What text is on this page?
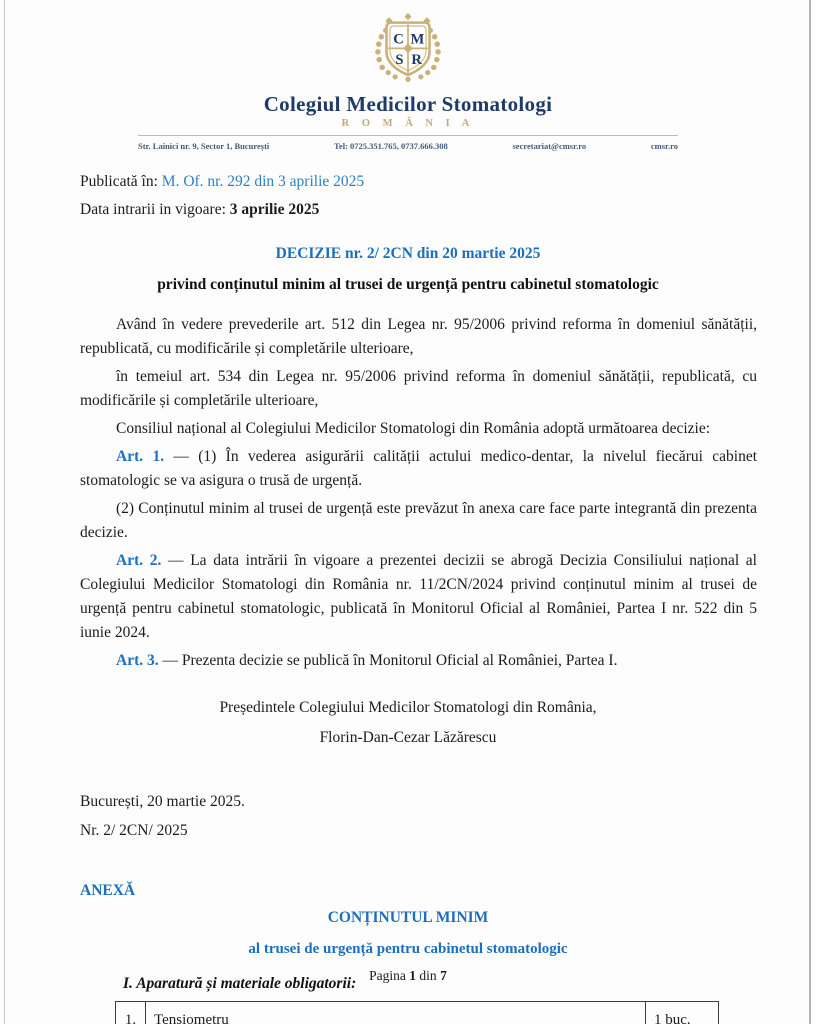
C M
S R
Colegiul Medicilor Stomatologi
R O M Â N I A
Str. Lainici nr. 9, Sector 1, București	Tel: 0725.351.765, 0737.666.308	secretariat@cmsr.ro	cmsr.ro
Publicată în: M. Of. nr. 292 din 3 aprilie 2025
Data intrarii in vigoare: 3 aprilie 2025
DECIZIE nr. 2/ 2CN din 20 martie 2025
privind conținutul minim al trusei de urgență pentru cabinetul stomatologic

Având în vedere prevederile art. 512 din Legea nr. 95/2006 privind reforma în domeniul sănătății, republicată, cu modificările și completările ulterioare,

în temeiul art. 534 din Legea nr. 95/2006 privind reforma în domeniul sănătății, republicată, cu modificările și completările ulterioare,

Consiliul național al Colegiului Medicilor Stomatologi din România adoptă următoarea decizie:

Art. 1. — (1) În vederea asigurării calității actului medico-dentar, la nivelul fiecărui cabinet stomatologic se va asigura o trusă de urgență.

(2) Conținutul minim al trusei de urgență este prevăzut în anexa care face parte integrantă din prezenta decizie.

Art. 2. — La data intrării în vigoare a prezentei decizii se abrogă Decizia Consiliului național al Colegiului Medicilor Stomatologi din România nr. 11/2CN/2024 privind conținutul minim al trusei de urgență pentru cabinetul stomatologic, publicată în Monitorul Oficial al României, Partea I nr. 522 din 5 iunie 2024.

Art. 3. — Prezenta decizie se publică în Monitorul Oficial al României, Partea I.

Președintele Colegiului Medicilor Stomatologi din România,
Florin-Dan-Cezar Lăzărescu
București, 20 martie 2025.
Nr. 2/ 2CN/ 2025
ANEXĂ
CONȚINUTUL MINIM
al trusei de urgență pentru cabinetul stomatologic
I. Aparatură și materiale obligatorii:
1.	Tensiometru	1 buc.
Pagina 1 din 7
